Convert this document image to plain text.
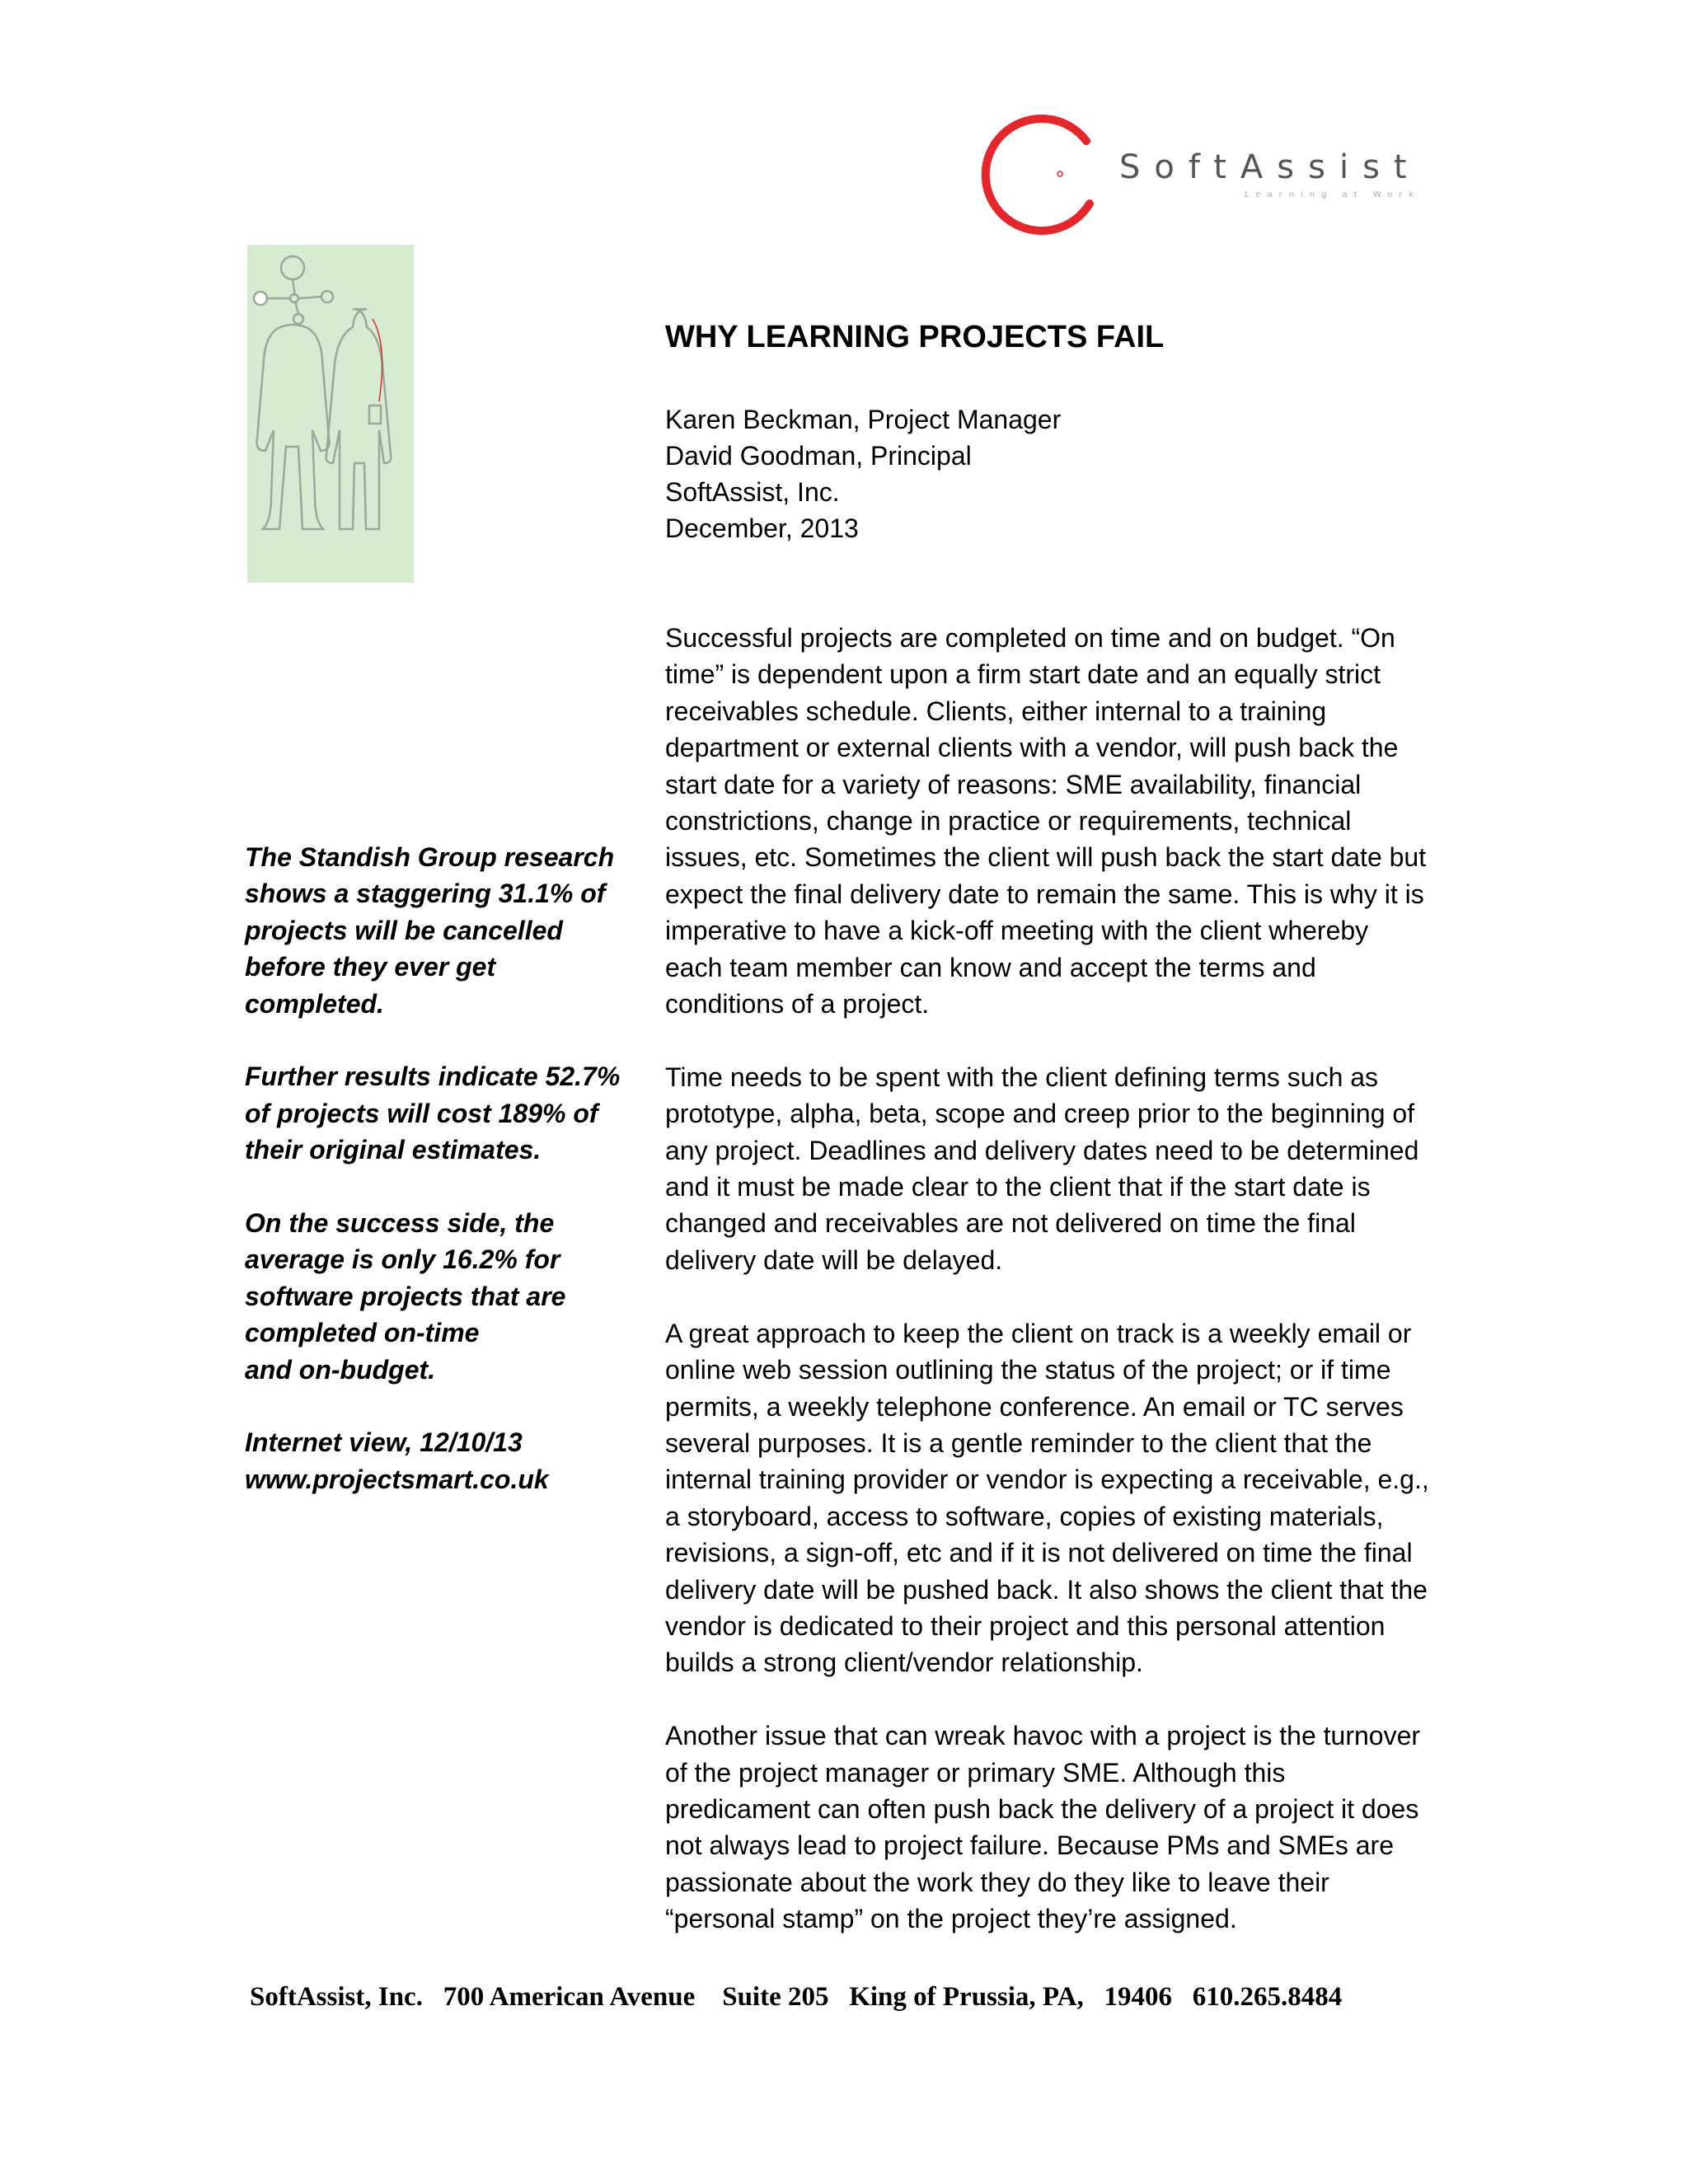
SoftAssist
Learning at Work
WHY LEARNING PROJECTS FAIL
Karen Beckman, Project Manager
David Goodman, Principal
SoftAssist, Inc.
December, 2013

Successful projects are completed on time and on budget. “On
time” is dependent upon a firm start date and an equally strict
receivables schedule. Clients, either internal to a training
department or external clients with a vendor, will push back the
start date for a variety of reasons: SME availability, financial
constrictions, change in practice or requirements, technical
issues, etc. Sometimes the client will push back the start date but
expect the final delivery date to remain the same. This is why it is
imperative to have a kick-off meeting with the client whereby
each team member can know and accept the terms and
conditions of a project.

Time needs to be spent with the client defining terms such as
prototype, alpha, beta, scope and creep prior to the beginning of
any project. Deadlines and delivery dates need to be determined
and it must be made clear to the client that if the start date is
changed and receivables are not delivered on time the final
delivery date will be delayed.

A great approach to keep the client on track is a weekly email or
online web session outlining the status of the project; or if time
permits, a weekly telephone conference. An email or TC serves
several purposes. It is a gentle reminder to the client that the
internal training provider or vendor is expecting a receivable, e.g.,
a storyboard, access to software, copies of existing materials,
revisions, a sign-off, etc and if it is not delivered on time the final
delivery date will be pushed back. It also shows the client that the
vendor is dedicated to their project and this personal attention
builds a strong client/vendor relationship.

Another issue that can wreak havoc with a project is the turnover
of the project manager or primary SME. Although this
predicament can often push back the delivery of a project it does
not always lead to project failure. Because PMs and SMEs are
passionate about the work they do they like to leave their
“personal stamp” on the project they’re assigned.

The Standish Group research
shows a staggering 31.1% of
projects will be cancelled
before they ever get
completed.

Further results indicate 52.7%
of projects will cost 189% of
their original estimates.

On the success side, the
average is only 16.2% for
software projects that are
completed on-time
and on-budget.

Internet view, 12/10/13
www.projectsmart.co.uk

SoftAssist, Inc.   700 American Avenue    Suite 205   King of Prussia, PA,   19406   610.265.8484
